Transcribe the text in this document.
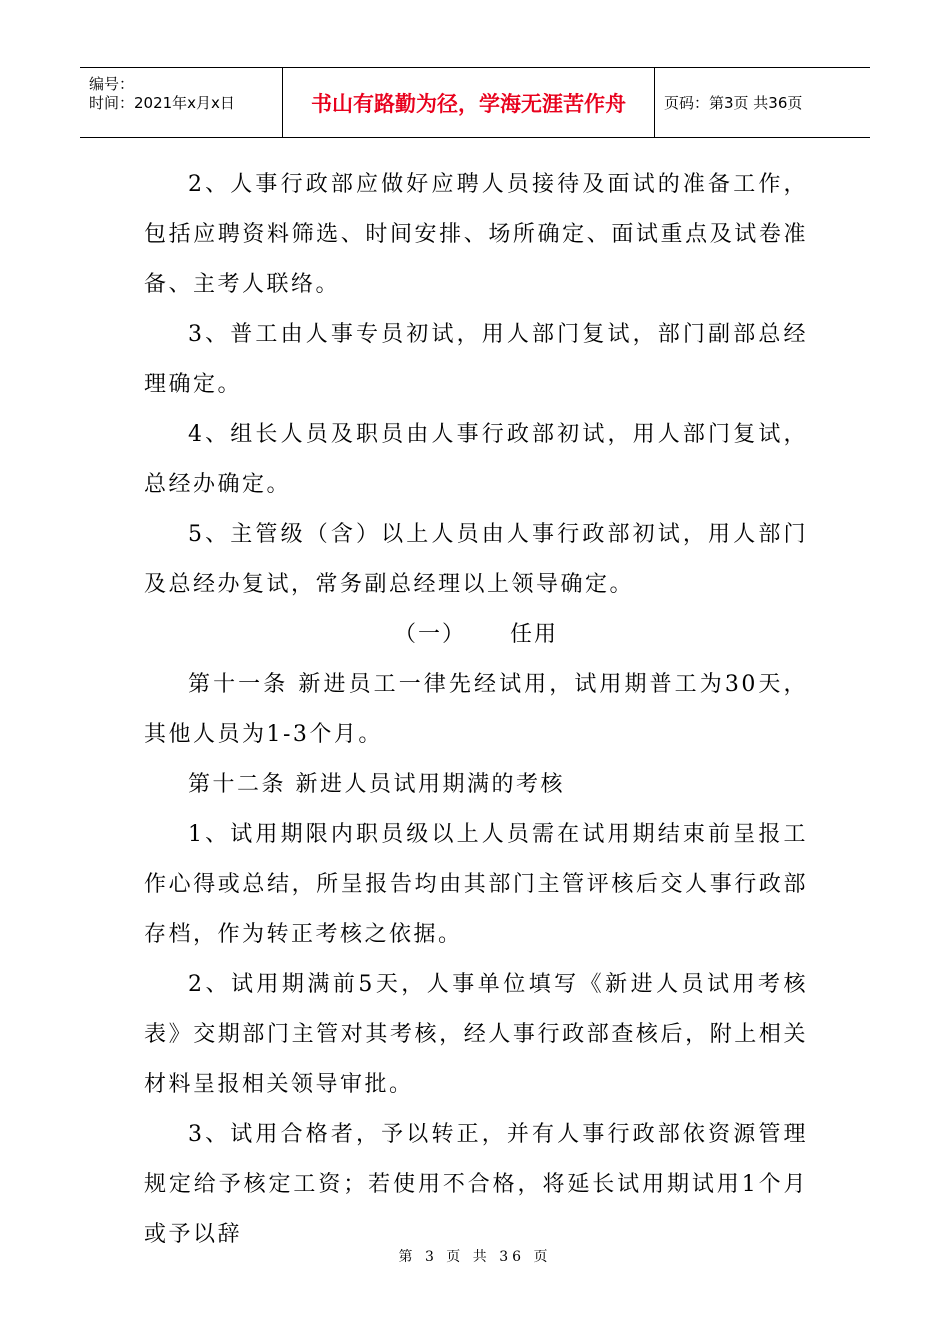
编号：
时间：2021年x月x日	书山有路勤为径，学海无涯苦作舟	页码：第3页 共36页

2、人事行政部应做好应聘人员接待及面试的准备工作，包括应聘资料筛选、时间安排、场所确定、面试重点及试卷准备、主考人联络。

3、普工由人事专员初试，用人部门复试，部门副部总经理确定。

4、组长人员及职员由人事行政部初试，用人部门复试，总经办确定。

5、主管级（含）以上人员由人事行政部初试，用人部门及总经办复试，常务副总经理以上领导确定。

（一） 任用

第十一条 新进员工一律先经试用，试用期普工为30天，其他人员为1-3个月。

第十二条 新进人员试用期满的考核

1、试用期限内职员级以上人员需在试用期结束前呈报工作心得或总结，所呈报告均由其部门主管评核后交人事行政部存档，作为转正考核之依据。

2、试用期满前5天，人事单位填写《新进人员试用考核表》交期部门主管对其考核，经人事行政部查核后，附上相关材料呈报相关领导审批。

3、试用合格者，予以转正，并有人事行政部依资源管理规定给予核定工资；若使用不合格，将延长试用期试用1个月或予以辞

第 3 页 共 36 页
